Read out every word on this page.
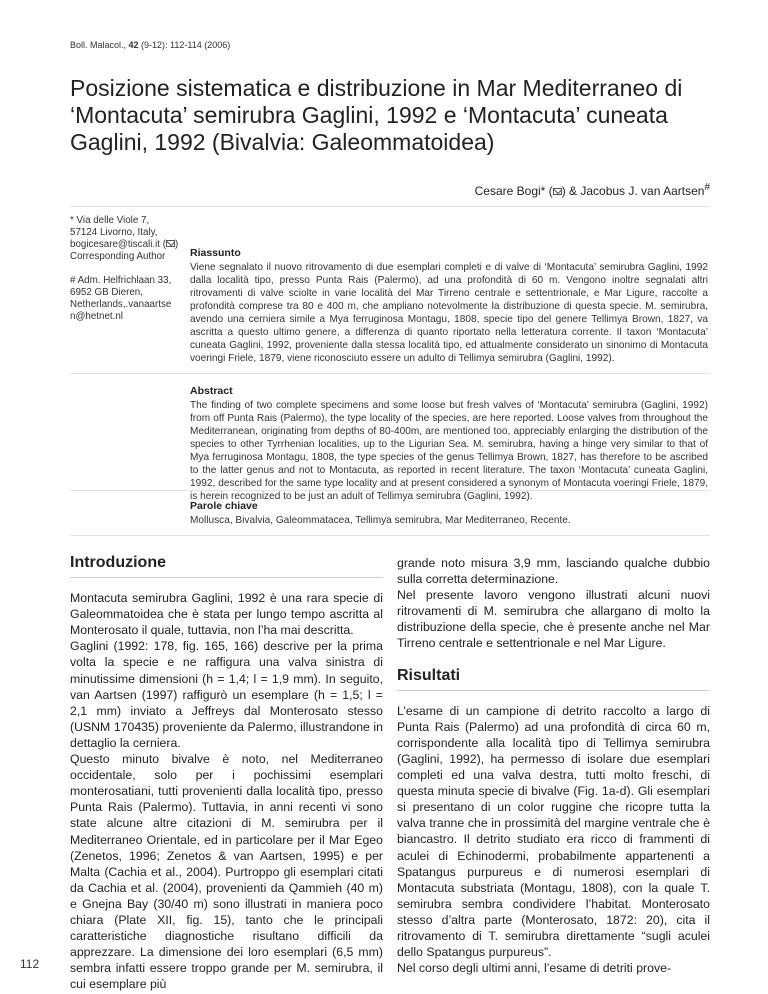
Boll. Malacol., 42 (9-12): 112-114 (2006)
Posizione sistematica e distribuzione in Mar Mediterraneo di ‘Montacuta’ semirubra Gaglini, 1992 e ‘Montacuta’ cuneata Gaglini, 1992 (Bivalvia: Galeommatoidea)
Cesare Bogi* ( ) & Jacobus J. van Aartsen#

* Via delle Viole 7,
57124 Livorno, Italy,
bogicesare@tiscali.it ( )
Corresponding Author

# Adm. Helfrichlaan 33,
6952 GB Dieren,
Netherlands,.vanaartse
n@hetnet.nl

Riassunto

Viene segnalato il nuovo ritrovamento di due esemplari completi e di valve di ‘Montacuta’ semirubra Gaglini, 1992 dalla località tipo, presso Punta Rais (Palermo), ad una profondità di 60 m. Vengono inoltre segnalati altri ritrovamenti di valve sciolte in varie località del Mar Tirreno centrale e settentrionale, e Mar Ligure, raccolte a profondità comprese tra 80 e 400 m, che ampliano notevolmente la distribuzione di questa specie. M. semirubra, avendo una cerniera simile a Mya ferruginosa Montagu, 1808, specie tipo del genere Tellimya Brown, 1827, va ascritta a questo ultimo genere, a differenza di quanto riportato nella letteratura corrente. Il taxon ‘Montacuta’ cuneata Gaglini, 1992, proveniente dalla stessa località tipo, ed attualmente considerato un sinonimo di Montacuta voeringi Friele, 1879, viene riconosciuto essere un adulto di Tellimya semirubra (Gaglini, 1992).

Abstract

The finding of two complete specimens and some loose but fresh valves of ‘Montacuta’ semirubra (Gaglini, 1992) from off Punta Rais (Palermo), the type locality of the species, are here reported. Loose valves from throughout the Mediterranean, originating from depths of 80-400m, are mentioned too, appreciably enlarging the distribution of the species to other Tyrrhenian localities, up to the Ligurian Sea. M. semirubra, having a hinge very similar to that of Mya ferruginosa Montagu, 1808, the type species of the genus Tellimya Brown, 1827, has therefore to be ascribed to the latter genus and not to Montacuta, as reported in recent literature. The taxon ‘Montacuta’ cuneata Gaglini, 1992, described for the same type locality and at present considered a synonym of Montacuta voeringi Friele, 1879, is herein recognized to be just an adult of Tellimya semirubra (Gaglini, 1992).

Parole chiave

Mollusca, Bivalvia, Galeommatacea, Tellimya semirubra, Mar Mediterraneo, Recente.

Introduzione

Montacuta semirubra Gaglini, 1992 è una rara specie di Galeommatoidea che è stata per lungo tempo ascritta al Monterosato il quale, tuttavia, non l’ha mai descritta.

Gaglini (1992: 178, fig. 165, 166) descrive per la prima volta la specie e ne raffigura una valva sinistra di minutissime dimensioni (h = 1,4; l = 1,9 mm). In seguito, van Aartsen (1997) raffigurò un esemplare (h = 1,5; l = 2,1 mm) inviato a Jeffreys dal Monterosato stesso (USNM 170435) proveniente da Palermo, illustrandone in dettaglio la cerniera.

Questo minuto bivalve è noto, nel Mediterraneo occidentale, solo per i pochissimi esemplari monterosatiani, tutti provenienti dalla località tipo, presso Punta Rais (Palermo). Tuttavia, in anni recenti vi sono state alcune altre citazioni di M. semirubra per il Mediterraneo Orientale, ed in particolare per il Mar Egeo (Zenetos, 1996; Zenetos & van Aartsen, 1995) e per Malta (Cachia et al., 2004). Purtroppo gli esemplari citati da Cachia et al. (2004), provenienti da Qammieh (40 m) e Gnejna Bay (30/40 m) sono illustrati in maniera poco chiara (Plate XII, fig. 15), tanto che le principali caratteristiche diagnostiche risultano difficili da apprezzare. La dimensione dei loro esemplari (6,5 mm) sembra infatti essere troppo grande per M. semirubra, il cui esemplare più

grande noto misura 3,9 mm, lasciando qualche dubbio sulla corretta determinazione.

Nel presente lavoro vengono illustrati alcuni nuovi ritrovamenti di M. semirubra che allargano di molto la distribuzione della specie, che è presente anche nel Mar Tirreno centrale e settentrionale e nel Mar Ligure.

Risultati

L’esame di un campione di detrito raccolto a largo di Punta Rais (Palermo) ad una profondità di circa 60 m, corrispondente alla località tipo di Tellimya semirubra (Gaglini, 1992), ha permesso di isolare due esemplari completi ed una valva destra, tutti molto freschi, di questa minuta specie di bivalve (Fig. 1a-d). Gli esemplari si presentano di un color ruggine che ricopre tutta la valva tranne che in prossimità del margine ventrale che è biancastro. Il detrito studiato era ricco di frammenti di aculei di Echinodermi, probabilmente appartenenti a Spatangus purpureus e di numerosi esemplari di Montacuta substriata (Montagu, 1808), con la quale T. semirubra sembra condividere l’habitat. Monterosato stesso d’altra parte (Monterosato, 1872: 20), cita il ritrovamento di T. semirubra direttamente “sugli aculei dello Spatangus purpureus”.

Nel corso degli ultimi anni, l’esame di detriti prove-

112
